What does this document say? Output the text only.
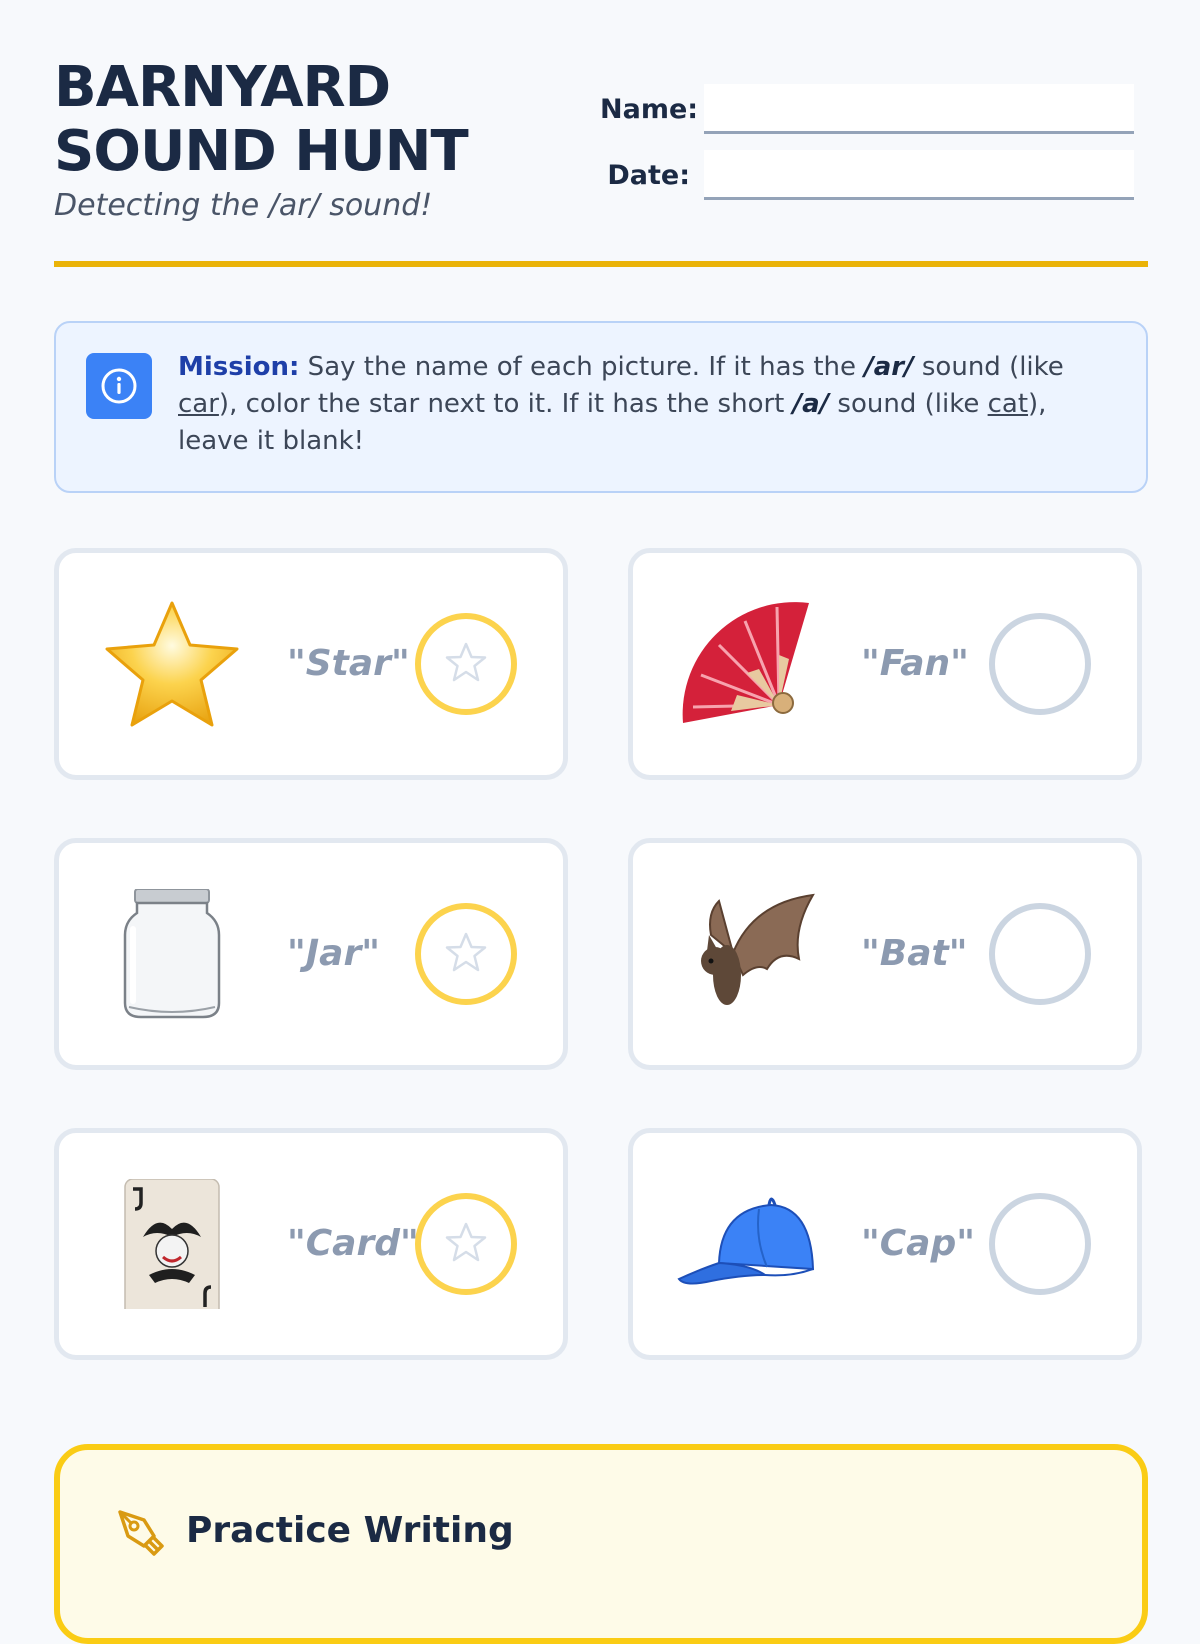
BARNYARD
SOUND HUNT
Detecting the /ar/ sound!
Name:
Date:
Mission: Say the name of each picture. If it has the /ar/ sound (like car), color the star next to it. If it has the short /a/ sound (like cat), leave it blank!
"Star"	"Fan"
"Jar"	"Bat"
"Card"	"Cap"
Practice Writing
